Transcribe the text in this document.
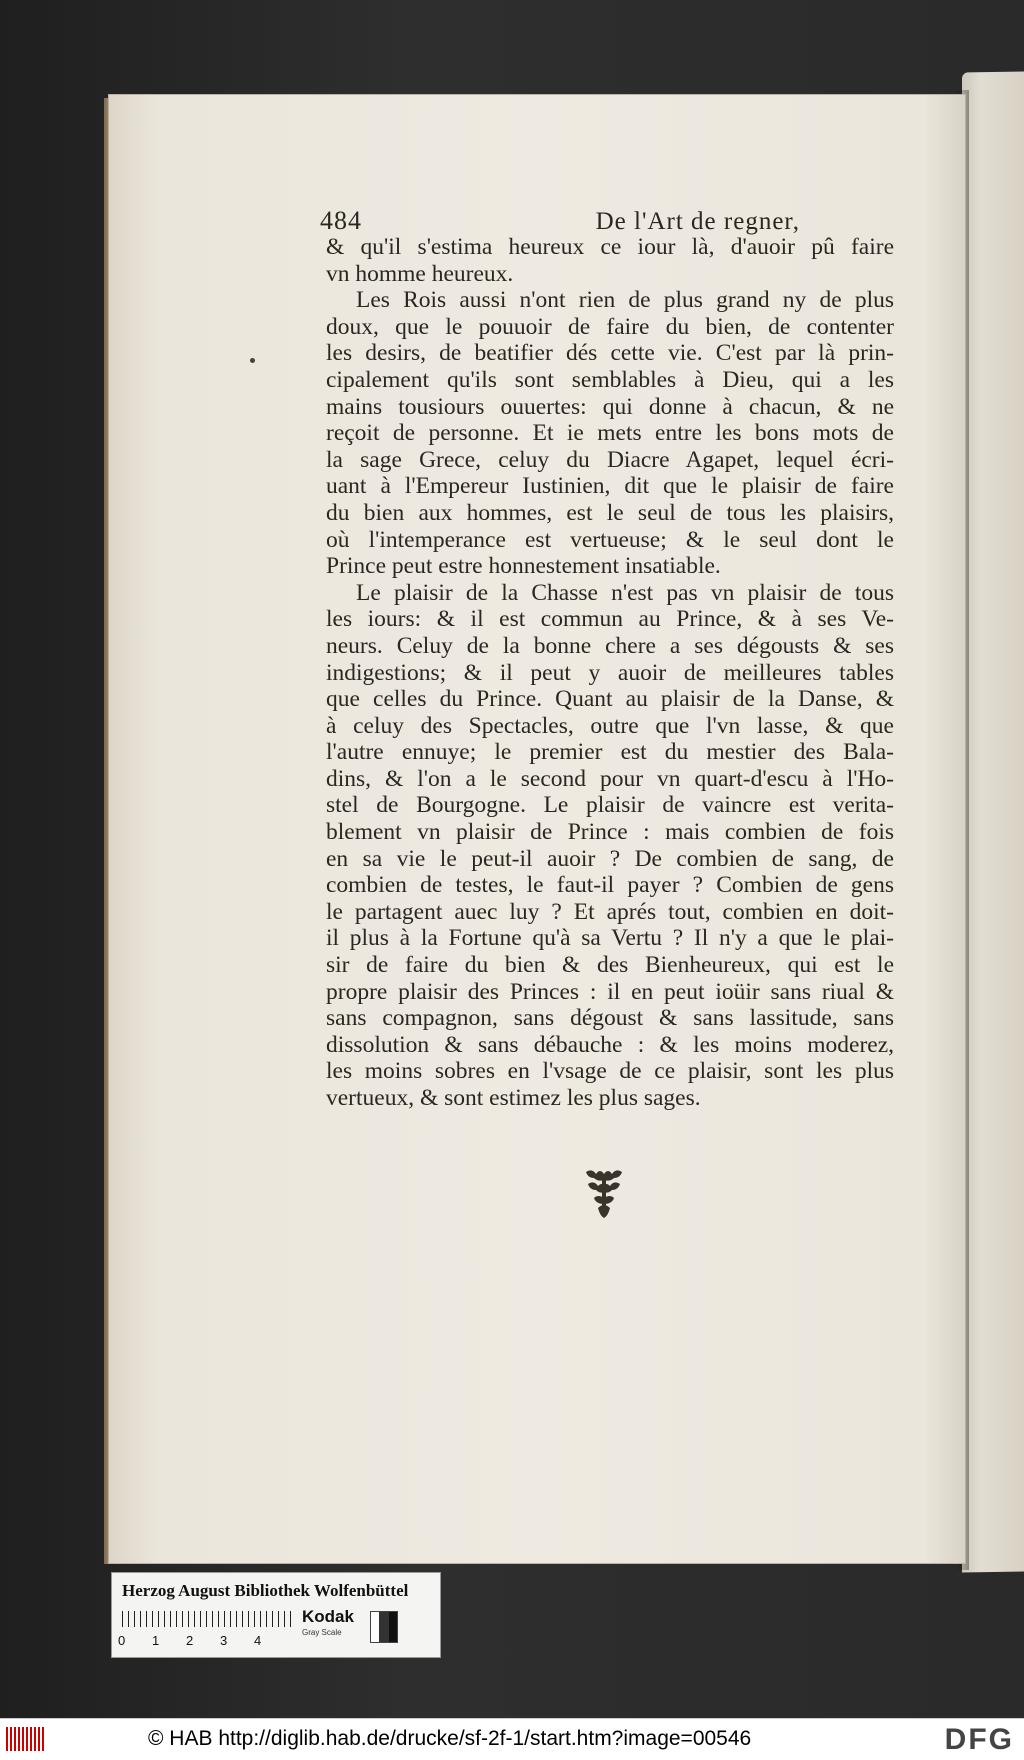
484	De l'Art de regner,
& qu'il s'estima heureux ce iour là, d'auoir pû faire
vn homme heureux.
Les Rois aussi n'ont rien de plus grand ny de plus
doux, que le pouuoir de faire du bien, de contenter
les desirs, de beatifier dés cette vie. C'est par là prin-
cipalement qu'ils sont semblables à Dieu, qui a les
mains tousiours ouuertes: qui donne à chacun, & ne
reçoit de personne. Et ie mets entre les bons mots de
la sage Grece, celuy du Diacre Agapet, lequel écri-
uant à l'Empereur Iustinien, dit que le plaisir de faire
du bien aux hommes, est le seul de tous les plaisirs,
où l'intemperance est vertueuse; & le seul dont le
Prince peut estre honnestement insatiable.
Le plaisir de la Chasse n'est pas vn plaisir de tous
les iours: & il est commun au Prince, & à ses Ve-
neurs. Celuy de la bonne chere a ses dégousts & ses
indigestions; & il peut y auoir de meilleures tables
que celles du Prince. Quant au plaisir de la Danse, &
à celuy des Spectacles, outre que l'vn lasse, & que
l'autre ennuye; le premier est du mestier des Bala-
dins, & l'on a le second pour vn quart-d'escu à l'Ho-
stel de Bourgogne. Le plaisir de vaincre est verita-
blement vn plaisir de Prince : mais combien de fois
en sa vie le peut-il auoir ? De combien de sang, de
combien de testes, le faut-il payer ? Combien de gens
le partagent auec luy ? Et aprés tout, combien en doit-
il plus à la Fortune qu'à sa Vertu ? Il n'y a que le plai-
sir de faire du bien & des Bienheureux, qui est le
propre plaisir des Princes : il en peut ioüir sans riual &
sans compagnon, sans dégoust & sans lassitude, sans
dissolution & sans débauche : & les moins moderez,
les moins sobres en l'vsage de ce plaisir, sont les plus
vertueux, & sont estimez les plus sages.
Herzog August Bibliothek Wolfenbüttel
0	1	2	3	4
Kodak
Gray Scale
© HAB http://diglib.hab.de/drucke/sf-2f-1/start.htm?image=00546	DFG
